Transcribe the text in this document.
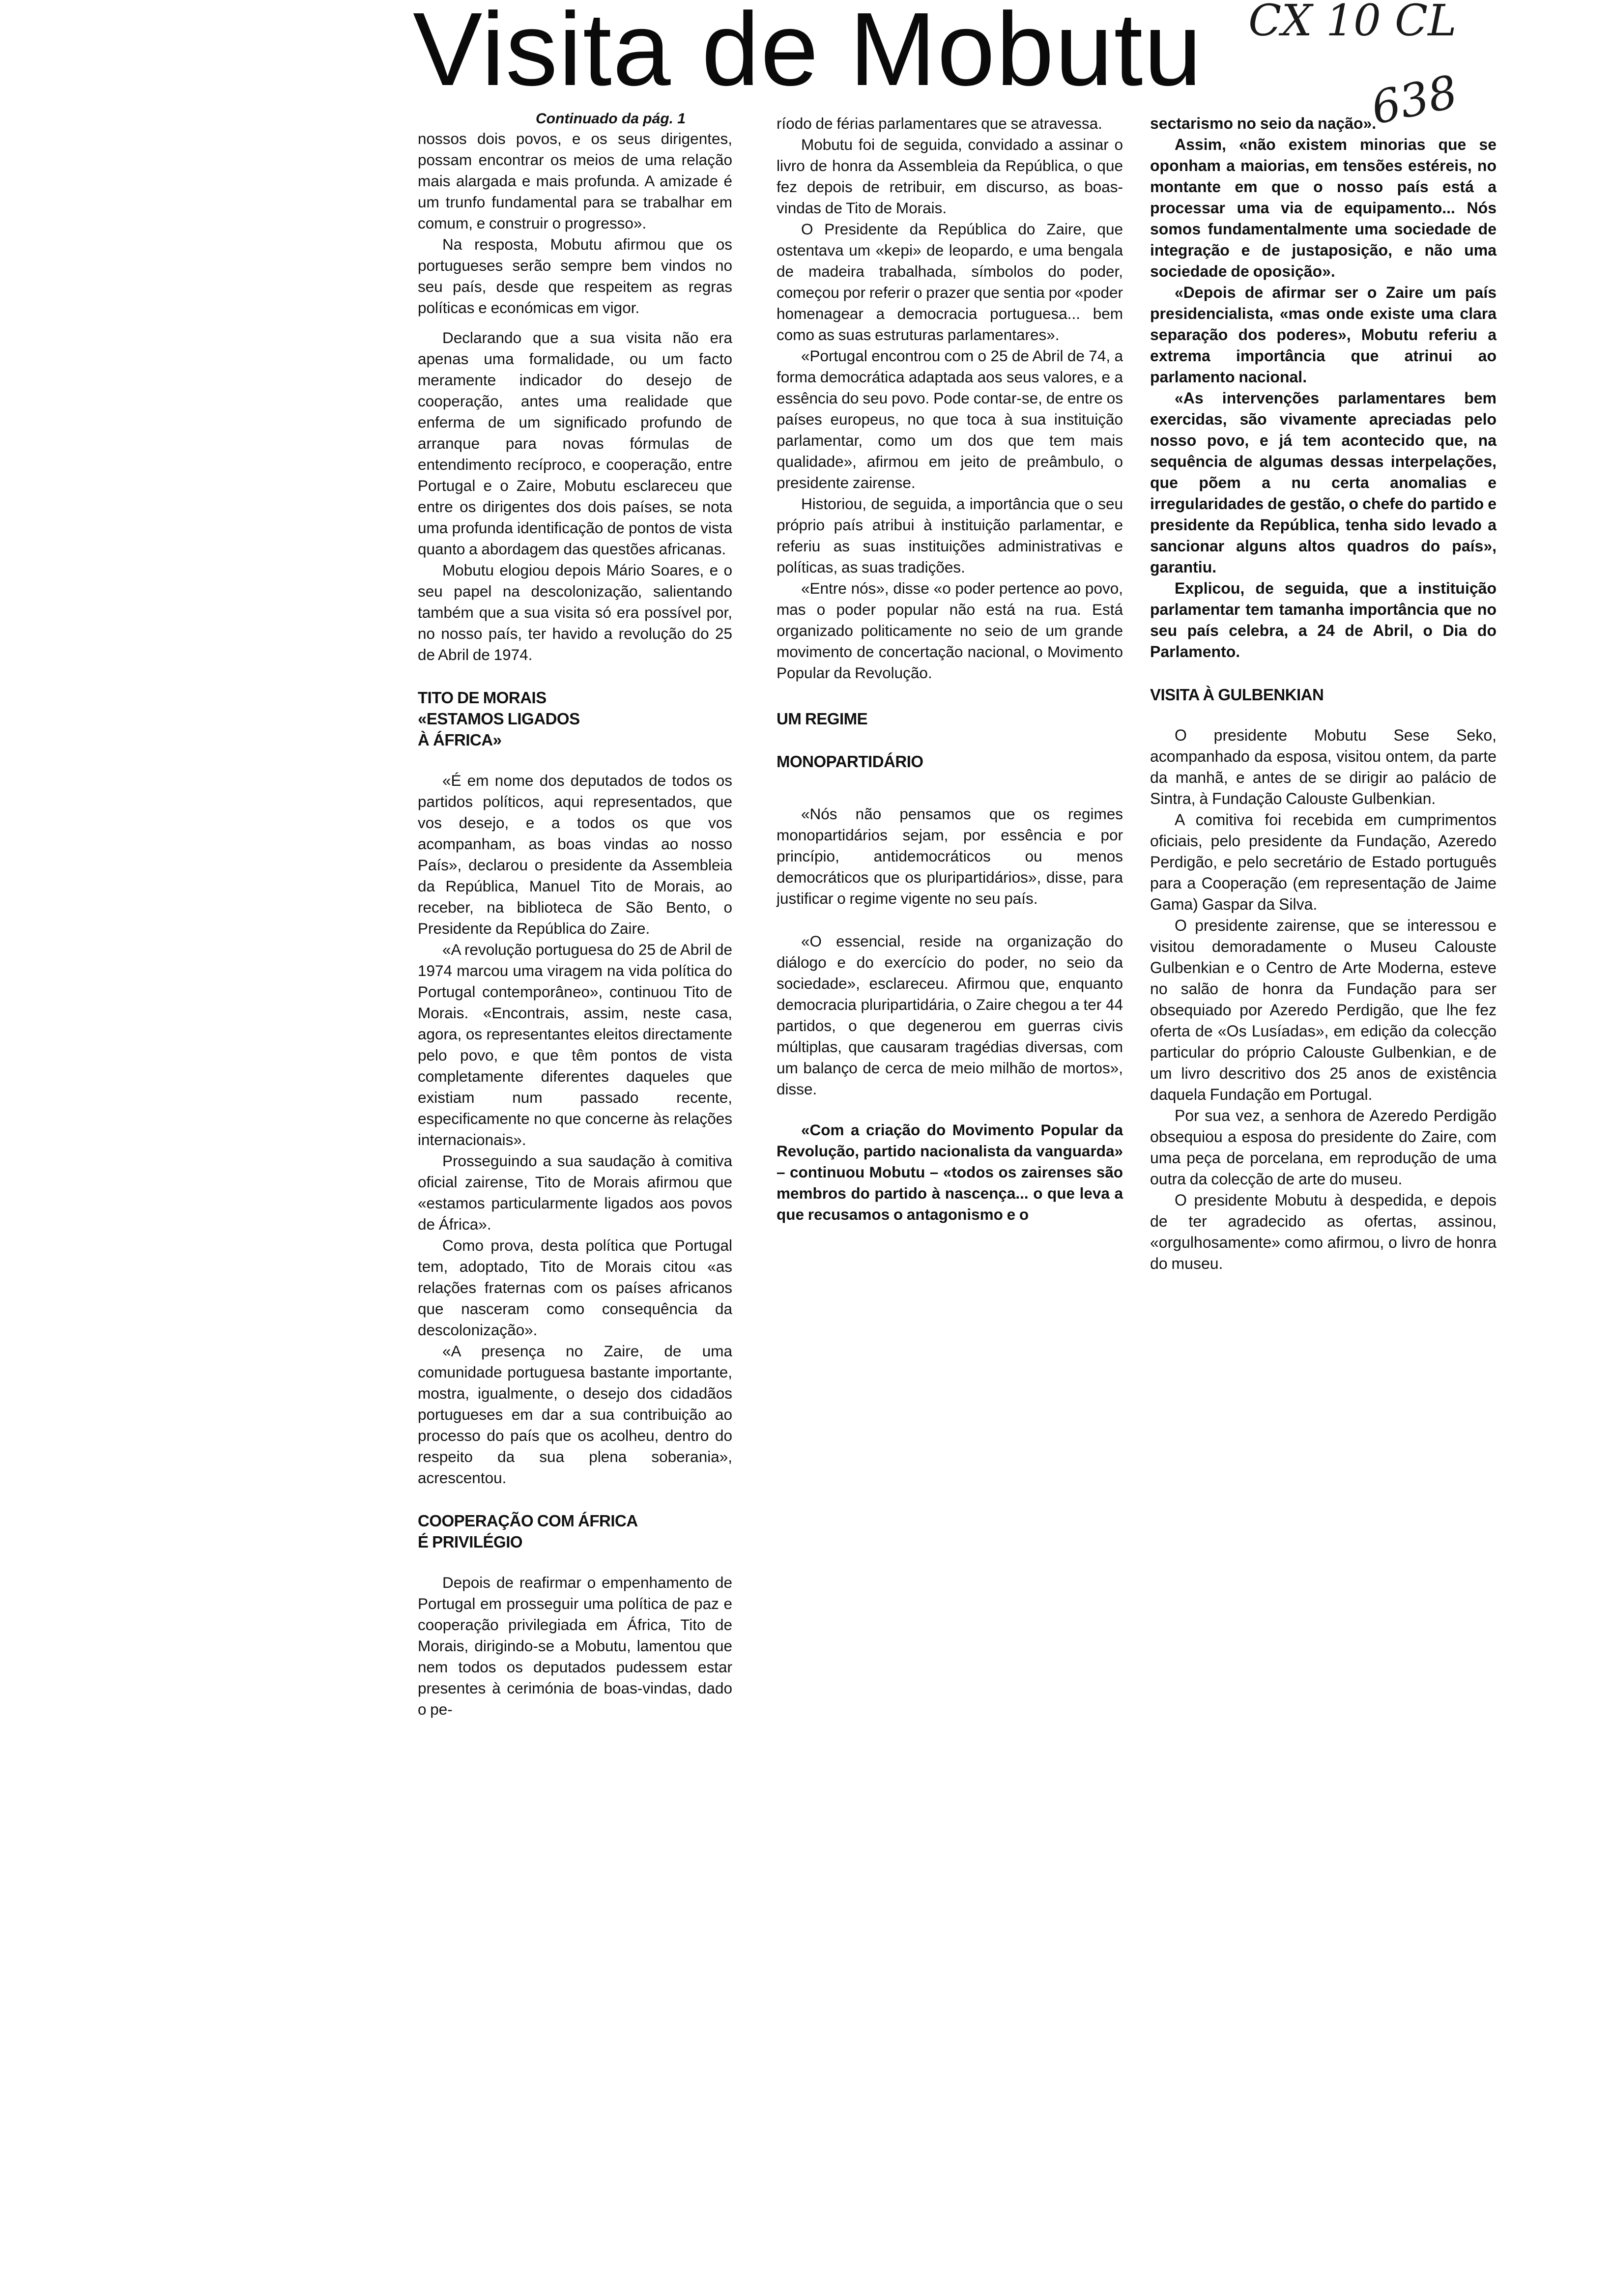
Visita de Mobutu	CX 10 CL
638
Continuado da pág. 1

nossos dois povos, e os seus dirigentes, possam encontrar os meios de uma relação mais alargada e mais profunda. A amizade é um trunfo fundamental para se trabalhar em comum, e construir o progresso».

Na resposta, Mobutu afirmou que os portugueses serão sempre bem vindos no seu país, desde que respeitem as regras políticas e económicas em vigor.

Declarando que a sua visita não era apenas uma formalidade, ou um facto meramente indicador do desejo de cooperação, antes uma realidade que enferma de um significado profundo de arranque para novas fórmulas de entendimento recíproco, e cooperação, entre Portugal e o Zaire, Mobutu esclareceu que entre os dirigentes dos dois países, se nota uma profunda identificação de pontos de vista quanto a abordagem das questões africanas.

Mobutu elogiou depois Mário Soares, e o seu papel na descolonização, salientando também que a sua visita só era possível por, no nosso país, ter havido a revolução do 25 de Abril de 1974.

TITO DE MORAIS
«ESTAMOS LIGADOS
À ÁFRICA»

«É em nome dos deputados de todos os partidos políticos, aqui representados, que vos desejo, e a todos os que vos acompanham, as boas vindas ao nosso País», declarou o presidente da Assembleia da República, Manuel Tito de Morais, ao receber, na biblioteca de São Bento, o Presidente da República do Zaire.

«A revolução portuguesa do 25 de Abril de 1974 marcou uma viragem na vida política do Portugal contemporâneo», continuou Tito de Morais. «Encontrais, assim, neste casa, agora, os representantes eleitos directamente pelo povo, e que têm pontos de vista completamente diferentes daqueles que existiam num passado recente, especificamente no que concerne às relações internacionais».

Prosseguindo a sua saudação à comitiva oficial zairense, Tito de Morais afirmou que «estamos particularmente ligados aos povos de África».

Como prova, desta política que Portugal tem, adoptado, Tito de Morais citou «as relações fraternas com os países africanos que nasceram como consequência da descolonização».

«A presença no Zaire, de uma comunidade portuguesa bastante importante, mostra, igualmente, o desejo dos cidadãos portugueses em dar a sua contribuição ao processo do país que os acolheu, dentro do respeito da sua plena soberania», acrescentou.

COOPERAÇÃO COM ÁFRICA
É PRIVILÉGIO

Depois de reafirmar o empenhamento de Portugal em prosseguir uma política de paz e cooperação privilegiada em África, Tito de Morais, dirigindo-se a Mobutu, lamentou que nem todos os deputados pudessem estar presentes à cerimónia de boas-vindas, dado o pe-

ríodo de férias parlamentares que se atravessa.

Mobutu foi de seguida, convidado a assinar o livro de honra da Assembleia da República, o que fez depois de retribuir, em discurso, as boas-vindas de Tito de Morais.

O Presidente da República do Zaire, que ostentava um «kepi» de leopardo, e uma bengala de madeira trabalhada, símbolos do poder, começou por referir o prazer que sentia por «poder homenagear a democracia portuguesa... bem como as suas estruturas parlamentares».

«Portugal encontrou com o 25 de Abril de 74, a forma democrática adaptada aos seus valores, e a essência do seu povo. Pode contar-se, de entre os países europeus, no que toca à sua instituição parlamentar, como um dos que tem mais qualidade», afirmou em jeito de preâmbulo, o presidente zairense.

Historiou, de seguida, a importância que o seu próprio país atribui à instituição parlamentar, e referiu as suas instituições administrativas e políticas, as suas tradições.

«Entre nós», disse «o poder pertence ao povo, mas o poder popular não está na rua. Está organizado politicamente no seio de um grande movimento de concertação nacional, o Movimento Popular da Revolução.

UM REGIME
MONOPARTIDÁRIO

«Nós não pensamos que os regimes monopartidários sejam, por essência e por princípio, antidemocráticos ou menos democráticos que os pluripartidários», disse, para justificar o regime vigente no seu país.

«O essencial, reside na organização do diálogo e do exercício do poder, no seio da sociedade», esclareceu. Afirmou que, enquanto democracia pluripartidária, o Zaire chegou a ter 44 partidos, o que degenerou em guerras civis múltiplas, que causaram tragédias diversas, com um balanço de cerca de meio milhão de mortos», disse.

«Com a criação do Movimento Popular da Revolução, partido nacionalista da vanguarda» – continuou Mobutu – «todos os zairenses são membros do partido à nascença... o que leva a que recusamos o antagonismo e o

sectarismo no seio da nação».

Assim, «não existem minorias que se oponham a maiorias, em tensões estéreis, no montante em que o nosso país está a processar uma via de equipamento... Nós somos fundamentalmente uma sociedade de integração e de justaposição, e não uma sociedade de oposição».

«Depois de afirmar ser o Zaire um país presidencialista, «mas onde existe uma clara separação dos poderes», Mobutu referiu a extrema importância que atrinui ao parlamento nacional.

«As intervenções parlamentares bem exercidas, são vivamente apreciadas pelo nosso povo, e já tem acontecido que, na sequência de algumas dessas interpelações, que põem a nu certa anomalias e irregularidades de gestão, o chefe do partido e presidente da República, tenha sido levado a sancionar alguns altos quadros do país», garantiu.

Explicou, de seguida, que a instituição parlamentar tem tamanha importância que no seu país celebra, a 24 de Abril, o Dia do Parlamento.

VISITA À GULBENKIAN

O presidente Mobutu Sese Seko, acompanhado da esposa, visitou ontem, da parte da manhã, e antes de se dirigir ao palácio de Sintra, à Fundação Calouste Gulbenkian.

A comitiva foi recebida em cumprimentos oficiais, pelo presidente da Fundação, Azeredo Perdigão, e pelo secretário de Estado português para a Cooperação (em representação de Jaime Gama) Gaspar da Silva.

O presidente zairense, que se interessou e visitou demoradamente o Museu Calouste Gulbenkian e o Centro de Arte Moderna, esteve no salão de honra da Fundação para ser obsequiado por Azeredo Perdigão, que lhe fez oferta de «Os Lusíadas», em edição da colecção particular do próprio Calouste Gulbenkian, e de um livro descritivo dos 25 anos de existência daquela Fundação em Portugal.

Por sua vez, a senhora de Azeredo Perdigão obsequiou a esposa do presidente do Zaire, com uma peça de porcelana, em reprodução de uma outra da colecção de arte do museu.

O presidente Mobutu à despedida, e depois de ter agradecido as ofertas, assinou, «orgulhosamente» como afirmou, o livro de honra do museu.
